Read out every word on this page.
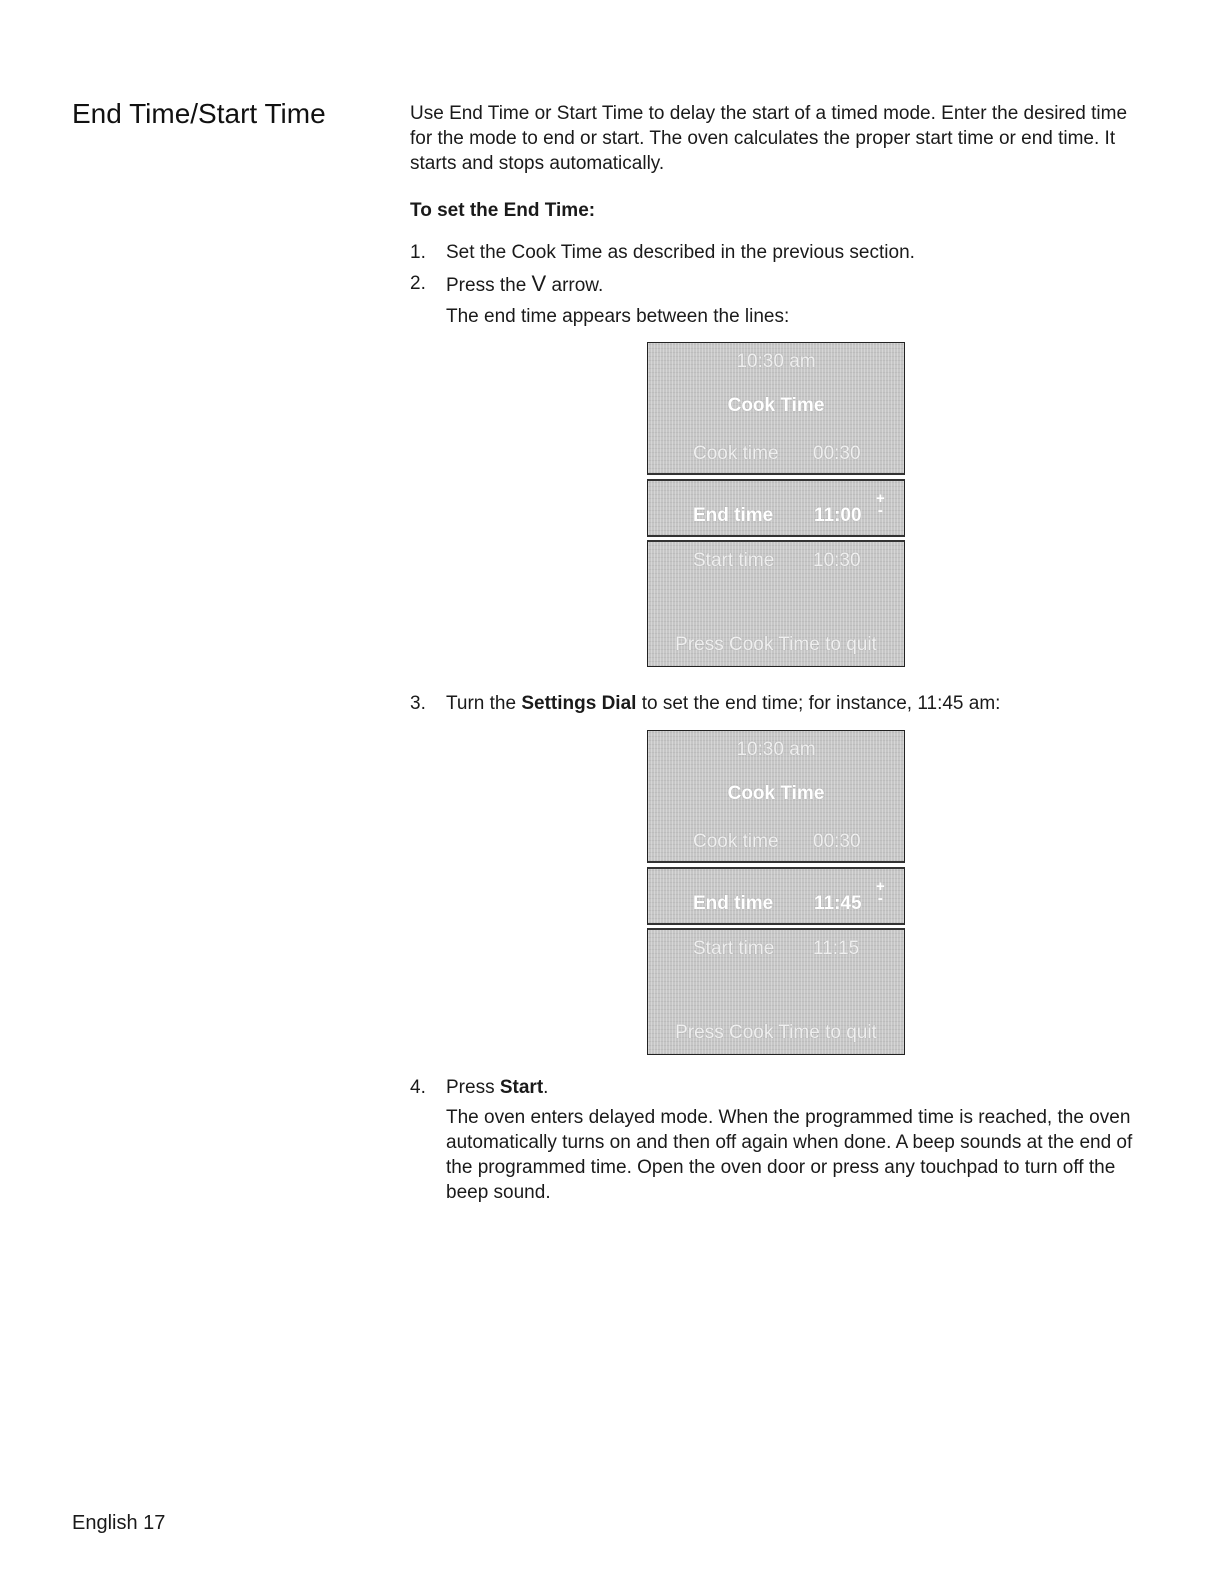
End Time/Start Time	Use End Time or Start Time to delay the start of a timed mode. Enter the desired time for the mode to end or start. The oven calculates the proper start time or end time. It starts and stops automatically.
To set the End Time:
1. Set the Cook Time as described in the previous section.
2. Press the V arrow.
The end time appears between the lines:
10:30 am
Cook Time
Cook time 00:30
End time 11:00
+
-
Start time 10:30
Press Cook Time to quit
3. Turn the Settings Dial to set the end time; for instance, 11:45 am:
10:30 am
Cook Time
Cook time 00:30
End time 11:45
+
-
Start time 11:15
Press Cook Time to quit
4. Press Start.
The oven enters delayed mode. When the programmed time is reached, the oven automatically turns on and then off again when done. A beep sounds at the end of the programmed time. Open the oven door or press any touchpad to turn off the beep sound.
English 17
